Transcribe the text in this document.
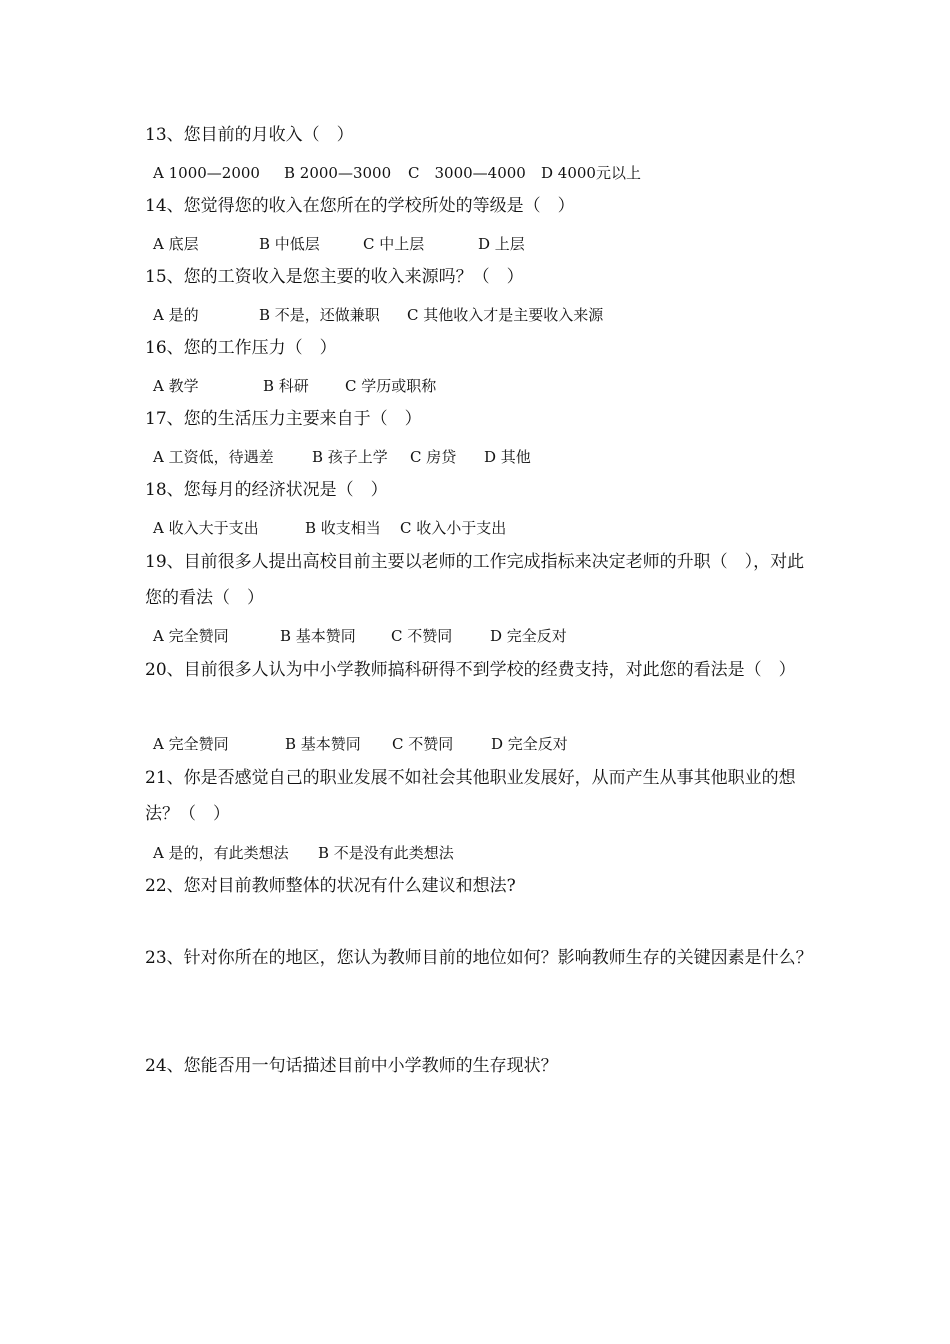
13、您目前的月收入（　）

A 1000—2000 B 2000—3000 C　3000—4000 D 4000元以上

14、您觉得您的收入在您所在的学校所处的等级是（　）

A 底层	B 中低层	C 中上层	D 上层

15、您的工资收入是您主要的收入来源吗？（　）

A 是的	B 不是，还做兼职 C 其他收入才是主要收入来源

16、您的工作压力（　）

A 教学	B 科研 C 学历或职称

17、您的生活压力主要来自于（　）

A 工资低，待遇差	B 孩子上学 C 房贷 D 其他

18、您每月的经济状况是（　）

A 收入大于支出	B 收支相当 C 收入小于支出

19、目前很多人提出高校目前主要以老师的工作完成指标来决定老师的升职（　），对此您的看法（　）

A 完全赞同	B 基本赞同 C 不赞同	D 完全反对

20、目前很多人认为中小学教师搞科研得不到学校的经费支持，对此您的看法是（　）

A 完全赞同	B 基本赞同 C 不赞同	D 完全反对

21、你是否感觉自己的职业发展不如社会其他职业发展好，从而产生从事其他职业的想法？（　）

A 是的，有此类想法 B 不是没有此类想法

22、您对目前教师整体的状况有什么建议和想法?

23、针对你所在的地区，您认为教师目前的地位如何？影响教师生存的关键因素是什么？

24、您能否用一句话描述目前中小学教师的生存现状？
